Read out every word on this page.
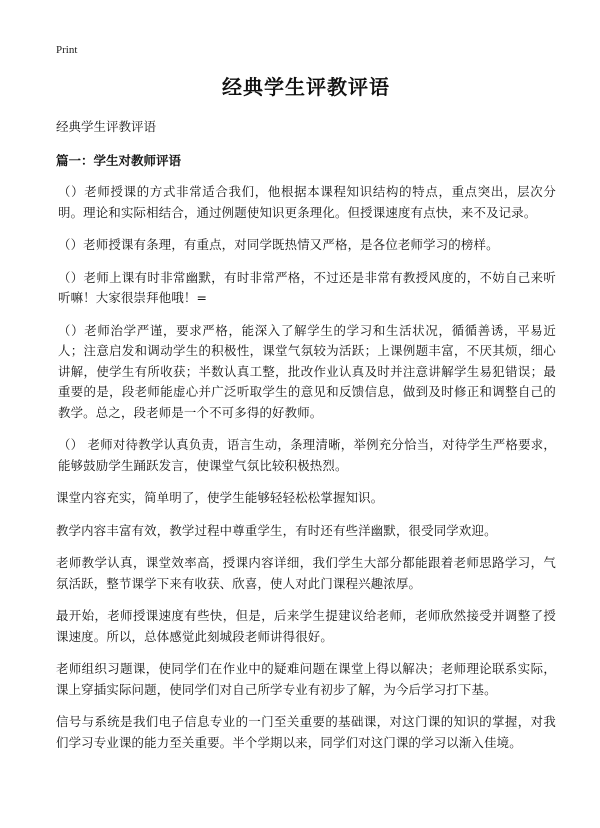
Print
经典学生评教评语
经典学生评教评语
篇一：学生对教师评语

（）老师授课的方式非常适合我们，他根据本课程知识结构的特点，重点突出，层次分明。理论和实际相结合，通过例题使知识更条理化。但授课速度有点快，来不及记录。

（）老师授课有条理，有重点，对同学既热情又严格，是各位老师学习的榜样。

（）老师上课有时非常幽默，有时非常严格，不过还是非常有教授风度的，不妨自己来听听嘛！大家很崇拜他哦！=

（）老师治学严谨，要求严格，能深入了解学生的学习和生活状况，循循善诱，平易近人；注意启发和调动学生的积极性，课堂气氛较为活跃；上课例题丰富，不厌其烦，细心讲解，使学生有所收获；半数认真工整，批改作业认真及时并注意讲解学生易犯错误；最重要的是，段老师能虚心并广泛听取学生的意见和反馈信息，做到及时修正和调整自己的教学。总之，段老师是一个不可多得的好教师。

（） 老师对待教学认真负责，语言生动，条理清晰，举例充分恰当，对待学生严格要求，能够鼓励学生踊跃发言，使课堂气氛比较积极热烈。

课堂内容充实，简单明了，使学生能够轻轻松松掌握知识。

教学内容丰富有效，教学过程中尊重学生，有时还有些洋幽默，很受同学欢迎。

老师教学认真，课堂效率高，授课内容详细，我们学生大部分都能跟着老师思路学习，气氛活跃，整节课学下来有收获、欣喜，使人对此门课程兴趣浓厚。

最开始，老师授课速度有些快，但是，后来学生提建议给老师，老师欣然接受并调整了授课速度。所以，总体感觉此刻城段老师讲得很好。

老师组织习题课，使同学们在作业中的疑难问题在课堂上得以解决；老师理论联系实际，课上穿插实际问题，使同学们对自己所学专业有初步了解，为今后学习打下基。

信号与系统是我们电子信息专业的一门至关重要的基础课，对这门课的知识的掌握，对我们学习专业课的能力至关重要。半个学期以来，同学们对这门课的学习以渐入佳境。
